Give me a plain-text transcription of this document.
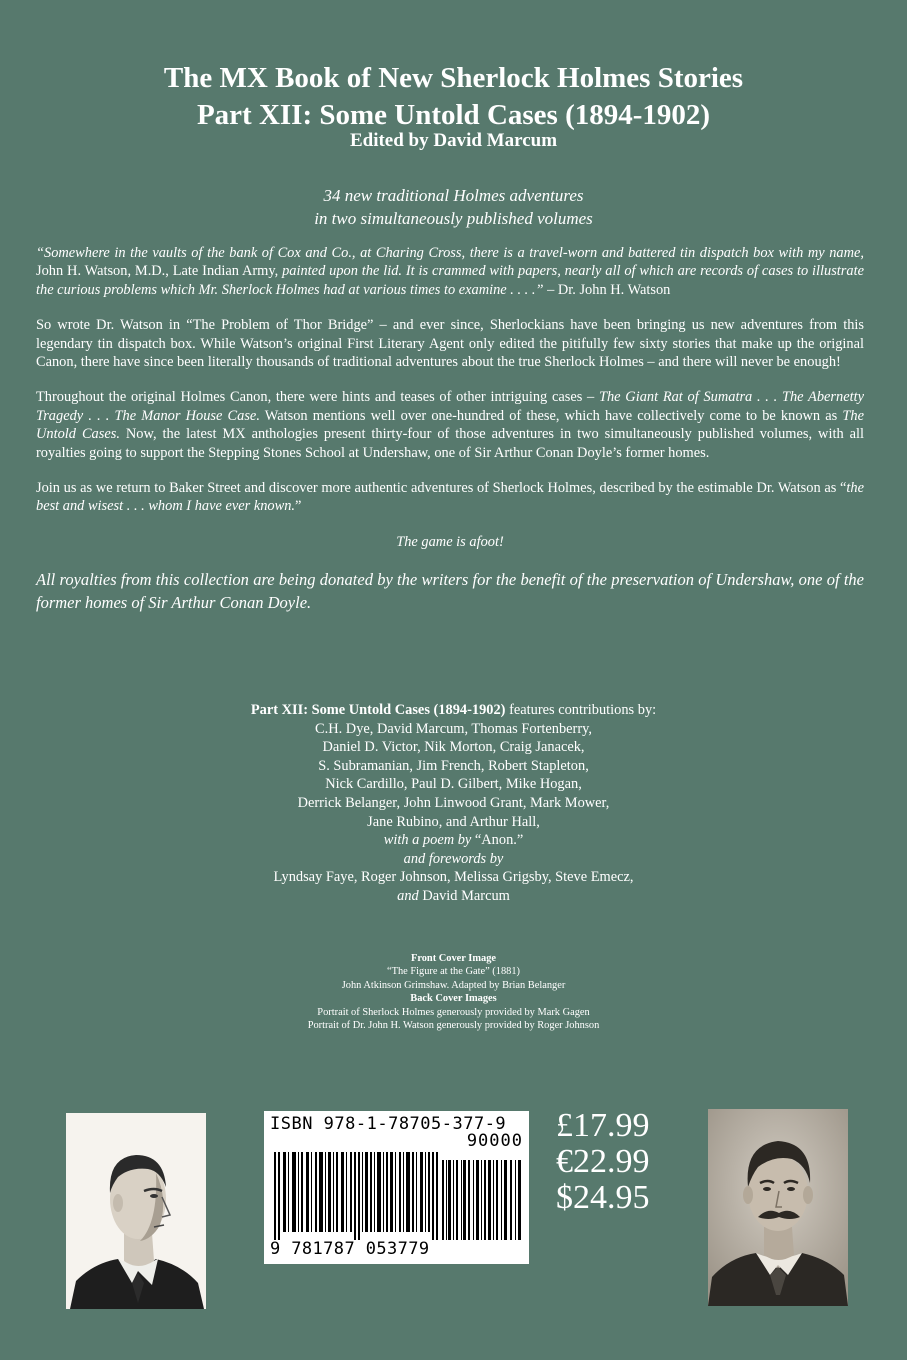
The MX Book of New Sherlock Holmes Stories
Part XII: Some Untold Cases (1894-1902)
Edited by David Marcum
34 new traditional Holmes adventures
in two simultaneously published volumes

“Somewhere in the vaults of the bank of Cox and Co., at Charing Cross, there is a travel-worn and battered tin dispatch box with my name, John H. Watson, M.D., Late Indian Army, painted upon the lid. It is crammed with papers, nearly all of which are records of cases to illustrate the curious problems which Mr. Sherlock Holmes had at various times to examine . . . .” – Dr. John H. Watson

So wrote Dr. Watson in “The Problem of Thor Bridge” – and ever since, Sherlockians have been bringing us new adventures from this legendary tin dispatch box. While Watson’s original First Literary Agent only edited the pitifully few sixty stories that make up the original Canon, there have since been literally thousands of traditional adventures about the true Sherlock Holmes – and there will never be enough!

Throughout the original Holmes Canon, there were hints and teases of other intriguing cases – The Giant Rat of Sumatra . . . The Abernetty Tragedy . . . The Manor House Case. Watson mentions well over one-hundred of these, which have collectively come to be known as The Untold Cases. Now, the latest MX anthologies present thirty-four of those adventures in two simultaneously published volumes, with all royalties going to support the Stepping Stones School at Undershaw, one of Sir Arthur Conan Doyle’s former homes.

Join us as we return to Baker Street and discover more authentic adventures of Sherlock Holmes, described by the estimable Dr. Watson as “the best and wisest . . . whom I have ever known.”

The game is afoot!

All royalties from this collection are being donated by the writers for the benefit of the preservation of Undershaw, one of the former homes of Sir Arthur Conan Doyle.

Part XII: Some Untold Cases (1894-1902) features contributions by:
C.H. Dye, David Marcum, Thomas Fortenberry,
Daniel D. Victor, Nik Morton, Craig Janacek,
S. Subramanian, Jim French, Robert Stapleton,
Nick Cardillo, Paul D. Gilbert, Mike Hogan,
Derrick Belanger, John Linwood Grant, Mark Mower,
Jane Rubino, and Arthur Hall,
with a poem by “Anon.”
and forewords by
Lyndsay Faye, Roger Johnson, Melissa Grigsby, Steve Emecz,
and David Marcum
Front Cover Image
“The Figure at the Gate” (1881)
John Atkinson Grimshaw. Adapted by Brian Belanger
Back Cover Images
Portrait of Sherlock Holmes generously provided by Mark Gagen
Portrait of Dr. John H. Watson generously provided by Roger Johnson
ISBN 978-1-78705-377-9
90000
9 781787 053779
£17.99
€22.99
$24.95
